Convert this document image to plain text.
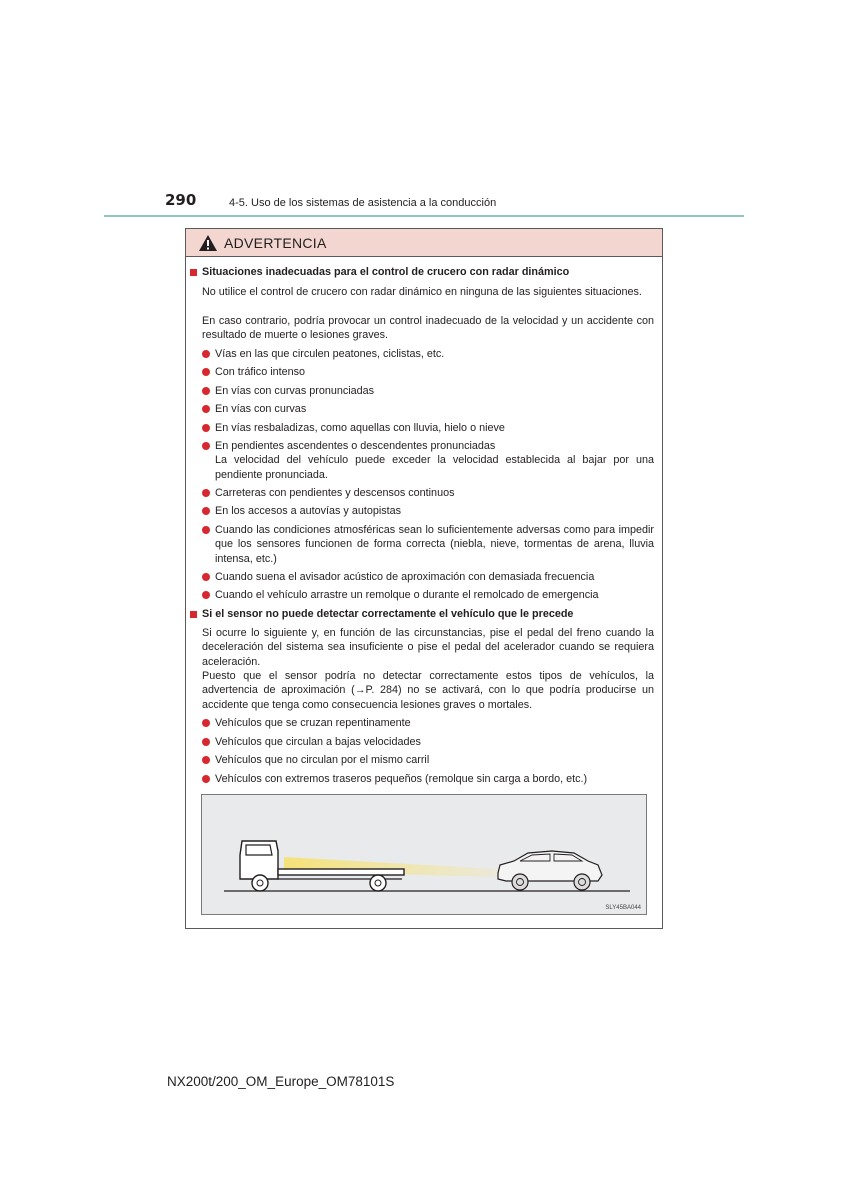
290	4-5. Uso de los sistemas de asistencia a la conducción
ADVERTENCIA
Situaciones inadecuadas para el control de crucero con radar dinámico
No utilice el control de crucero con radar dinámico en ninguna de las siguientes situaciones.
En caso contrario, podría provocar un control inadecuado de la velocidad y un accidente con resultado de muerte o lesiones graves.
Vías en las que circulen peatones, ciclistas, etc.
Con tráfico intenso
En vías con curvas pronunciadas
En vías con curvas
En vías resbaladizas, como aquellas con lluvia, hielo o nieve
En pendientes ascendentes o descendentes pronunciadas
La velocidad del vehículo puede exceder la velocidad establecida al bajar por una pendiente pronunciada.
Carreteras con pendientes y descensos continuos
En los accesos a autovías y autopistas
Cuando las condiciones atmosféricas sean lo suficientemente adversas como para impedir que los sensores funcionen de forma correcta (niebla, nieve, tormentas de arena, lluvia intensa, etc.)
Cuando suena el avisador acústico de aproximación con demasiada frecuencia
Cuando el vehículo arrastre un remolque o durante el remolcado de emergencia
Si el sensor no puede detectar correctamente el vehículo que le precede
Si ocurre lo siguiente y, en función de las circunstancias, pise el pedal del freno cuando la deceleración del sistema sea insuficiente o pise el pedal del acelerador cuando se requiera aceleración.
Puesto que el sensor podría no detectar correctamente estos tipos de vehículos, la advertencia de aproximación (→P. 284) no se activará, con lo que podría producirse un accidente que tenga como consecuencia lesiones graves o mortales.
Vehículos que se cruzan repentinamente
Vehículos que circulan a bajas velocidades
Vehículos que no circulan por el mismo carril
Vehículos con extremos traseros pequeños (remolque sin carga a bordo, etc.)
SLY45BA044
NX200t/200_OM_Europe_OM78101S
